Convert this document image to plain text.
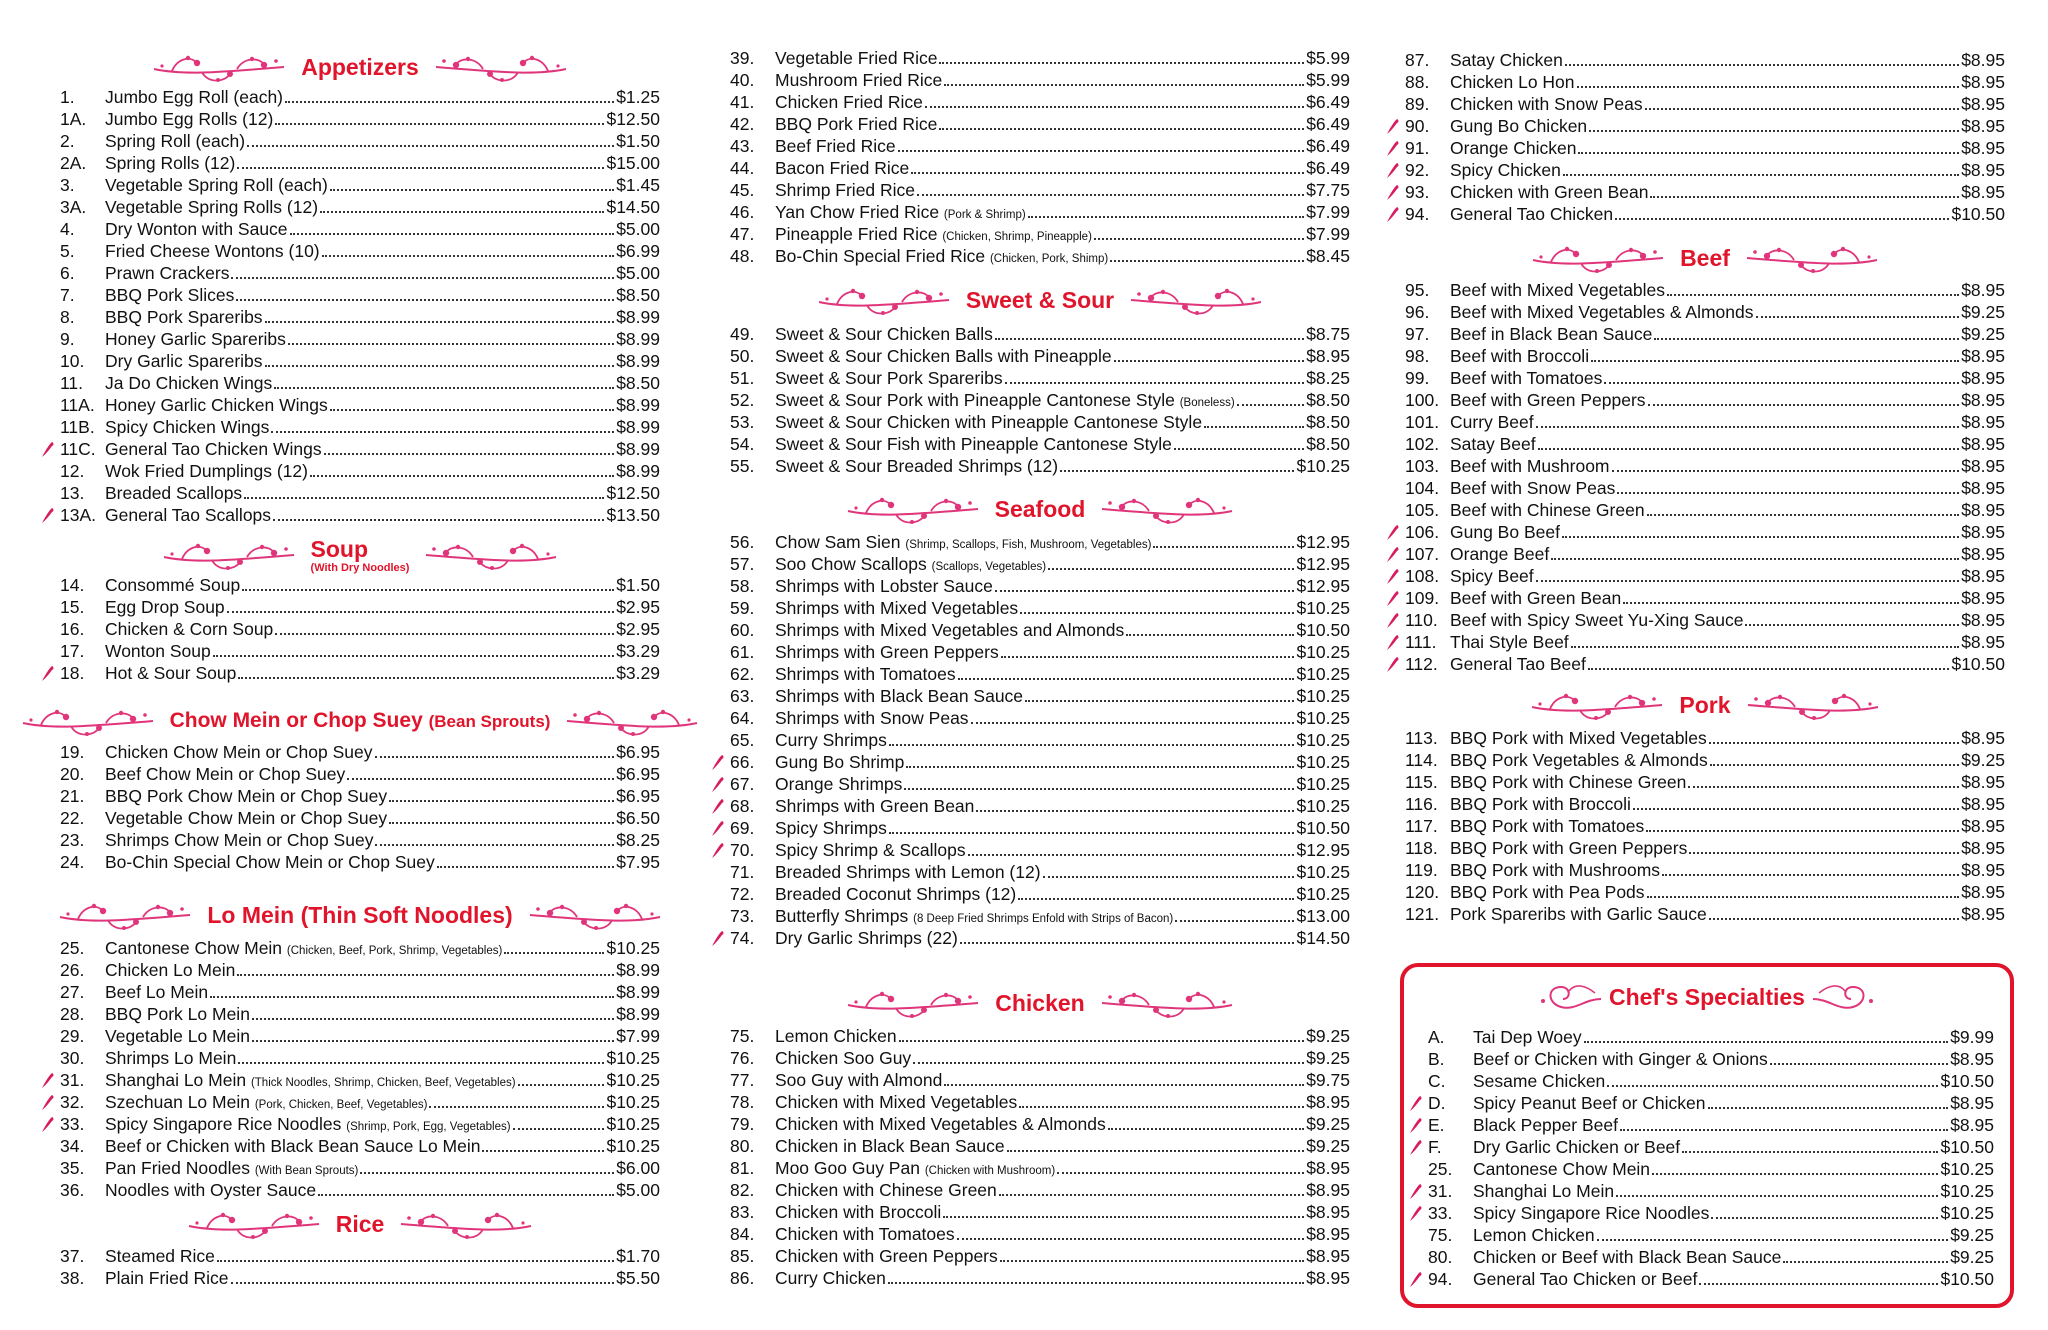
Appetizers
1.	Jumbo Egg Roll (each)	$1.25
1A.	Jumbo Egg Rolls (12)	$12.50
2.	Spring Roll (each)	$1.50
2A.	Spring Rolls (12)	$15.00
3.	Vegetable Spring Roll (each)	$1.45
3A.	Vegetable Spring Rolls (12)	$14.50
4.	Dry Wonton with Sauce	$5.00
5.	Fried Cheese Wontons (10)	$6.99
6.	Prawn Crackers	$5.00
7.	BBQ Pork Slices	$8.50
8.	BBQ Pork Spareribs	$8.99
9.	Honey Garlic Spareribs	$8.99
10.	Dry Garlic Spareribs	$8.99
11.	Ja Do Chicken Wings	$8.50
11A. Honey Garlic Chicken Wings	$8.99
11B. Spicy Chicken Wings	$8.99
11C. General Tao Chicken Wings	$8.99
12.	Wok Fried Dumplings (12)	$8.99
13.	Breaded Scallops	$12.50
13A. General Tao Scallops	$13.50
Soup
(With Dry Noodles)
14.	Consommé Soup	$1.50
15.	Egg Drop Soup	$2.95
16.	Chicken & Corn Soup	$2.95
17.	Wonton Soup	$3.29
18.	Hot & Sour Soup	$3.29
Chow Mein or Chop Suey (Bean Sprouts)
19.	Chicken Chow Mein or Chop Suey	$6.95
20.	Beef Chow Mein or Chop Suey	$6.95
21.	BBQ Pork Chow Mein or Chop Suey	$6.95
22.	Vegetable Chow Mein or Chop Suey	$6.50
23.	Shrimps Chow Mein or Chop Suey	$8.25
24.	Bo-Chin Special Chow Mein or Chop Suey	$7.95
Lo Mein (Thin Soft Noodles)
25.	Cantonese Chow Mein (Chicken, Beef, Pork, Shrimp, Vegetables)	$10.25
26.	Chicken Lo Mein	$8.99
27.	Beef Lo Mein	$8.99
28.	BBQ Pork Lo Mein	$8.99
29.	Vegetable Lo Mein	$7.99
30.	Shrimps Lo Mein	$10.25
31.	Shanghai Lo Mein (Thick Noodles, Shrimp, Chicken, Beef, Vegetables)	$10.25
32.	Szechuan Lo Mein (Pork, Chicken, Beef, Vegetables)	$10.25
33.	Spicy Singapore Rice Noodles (Shrimp, Pork, Egg, Vegetables)	$10.25
34.	Beef or Chicken with Black Bean Sauce Lo Mein	$10.25
35.	Pan Fried Noodles (With Bean Sprouts)	$6.00
36.	Noodles with Oyster Sauce	$5.00
Rice
37.	Steamed Rice	$1.70
38.	Plain Fried Rice	$5.50
39.	Vegetable Fried Rice	$5.99
40.	Mushroom Fried Rice	$5.99
41.	Chicken Fried Rice	$6.49
42.	BBQ Pork Fried Rice	$6.49
43.	Beef Fried Rice	$6.49
44.	Bacon Fried Rice	$6.49
45.	Shrimp Fried Rice	$7.75
46.	Yan Chow Fried Rice (Pork & Shrimp)	$7.99
47.	Pineapple Fried Rice (Chicken, Shrimp, Pineapple)	$7.99
48.	Bo-Chin Special Fried Rice (Chicken, Pork, Shimp)	$8.45
Sweet & Sour
49.	Sweet & Sour Chicken Balls	$8.75
50.	Sweet & Sour Chicken Balls with Pineapple	$8.95
51.	Sweet & Sour Pork Spareribs	$8.25
52.	Sweet & Sour Pork with Pineapple Cantonese Style (Boneless)	$8.50
53.	Sweet & Sour Chicken with Pineapple Cantonese Style	$8.50
54.	Sweet & Sour Fish with Pineapple Cantonese Style	$8.50
55.	Sweet & Sour Breaded Shrimps (12)	$10.25
Seafood
56.	Chow Sam Sien (Shrimp, Scallops, Fish, Mushroom, Vegetables)	$12.95
57.	Soo Chow Scallops (Scallops, Vegetables)	$12.95
58.	Shrimps with Lobster Sauce	$12.95
59.	Shrimps with Mixed Vegetables	$10.25
60.	Shrimps with Mixed Vegetables and Almonds	$10.50
61.	Shrimps with Green Peppers	$10.25
62.	Shrimps with Tomatoes	$10.25
63.	Shrimps with Black Bean Sauce	$10.25
64.	Shrimps with Snow Peas	$10.25
65.	Curry Shrimps	$10.25
66.	Gung Bo Shrimp	$10.25
67.	Orange Shrimps	$10.25
68.	Shrimps with Green Bean	$10.25
69.	Spicy Shrimps	$10.50
70.	Spicy Shrimp & Scallops	$12.95
71.	Breaded Shrimps with Lemon (12)	$10.25
72.	Breaded Coconut Shrimps (12)	$10.25
73.	Butterfly Shrimps (8 Deep Fried Shrimps Enfold with Strips of Bacon)	$13.00
74.	Dry Garlic Shrimps (22)	$14.50
Chicken
75.	Lemon Chicken	$9.25
76.	Chicken Soo Guy	$9.25
77.	Soo Guy with Almond	$9.75
78.	Chicken with Mixed Vegetables	$8.95
79.	Chicken with Mixed Vegetables & Almonds	$9.25
80.	Chicken in Black Bean Sauce	$9.25
81.	Moo Goo Guy Pan (Chicken with Mushroom)	$8.95
82.	Chicken with Chinese Green	$8.95
83.	Chicken with Broccoli	$8.95
84.	Chicken with Tomatoes	$8.95
85.	Chicken with Green Peppers	$8.95
86.	Curry Chicken	$8.95
87.	Satay Chicken	$8.95
88.	Chicken Lo Hon	$8.95
89.	Chicken with Snow Peas	$8.95
90.	Gung Bo Chicken	$8.95
91.	Orange Chicken	$8.95
92.	Spicy Chicken	$8.95
93.	Chicken with Green Bean	$8.95
94.	General Tao Chicken	$10.50
Beef
95.	Beef with Mixed Vegetables	$8.95
96.	Beef with Mixed Vegetables & Almonds	$9.25
97.	Beef in Black Bean Sauce	$9.25
98.	Beef with Broccoli	$8.95
99.	Beef with Tomatoes	$8.95
100. Beef with Green Peppers	$8.95
101. Curry Beef	$8.95
102. Satay Beef	$8.95
103. Beef with Mushroom	$8.95
104. Beef with Snow Peas	$8.95
105. Beef with Chinese Green	$8.95
106. Gung Bo Beef	$8.95
107. Orange Beef	$8.95
108. Spicy Beef	$8.95
109. Beef with Green Bean	$8.95
110. Beef with Spicy Sweet Yu-Xing Sauce	$8.95
111. Thai Style Beef	$8.95
112. General Tao Beef	$10.50
Pork
113. BBQ Pork with Mixed Vegetables	$8.95
114. BBQ Pork Vegetables & Almonds	$9.25
115. BBQ Pork with Chinese Green	$8.95
116. BBQ Pork with Broccoli	$8.95
117. BBQ Pork with Tomatoes	$8.95
118. BBQ Pork with Green Peppers	$8.95
119. BBQ Pork with Mushrooms	$8.95
120. BBQ Pork with Pea Pods	$8.95
121. Pork Spareribs with Garlic Sauce	$8.95
Chef's Specialties
A.	Tai Dep Woey	$9.99
B.	Beef or Chicken with Ginger & Onions	$8.95
C.	Sesame Chicken	$10.50
D.	Spicy Peanut Beef or Chicken	$8.95
E.	Black Pepper Beef	$8.95
F.	Dry Garlic Chicken or Beef	$10.50
25.	Cantonese Chow Mein	$10.25
31.	Shanghai Lo Mein	$10.25
33.	Spicy Singapore Rice Noodles	$10.25
75.	Lemon Chicken	$9.25
80.	Chicken or Beef with Black Bean Sauce	$9.25
94.	General Tao Chicken or Beef	$10.50
